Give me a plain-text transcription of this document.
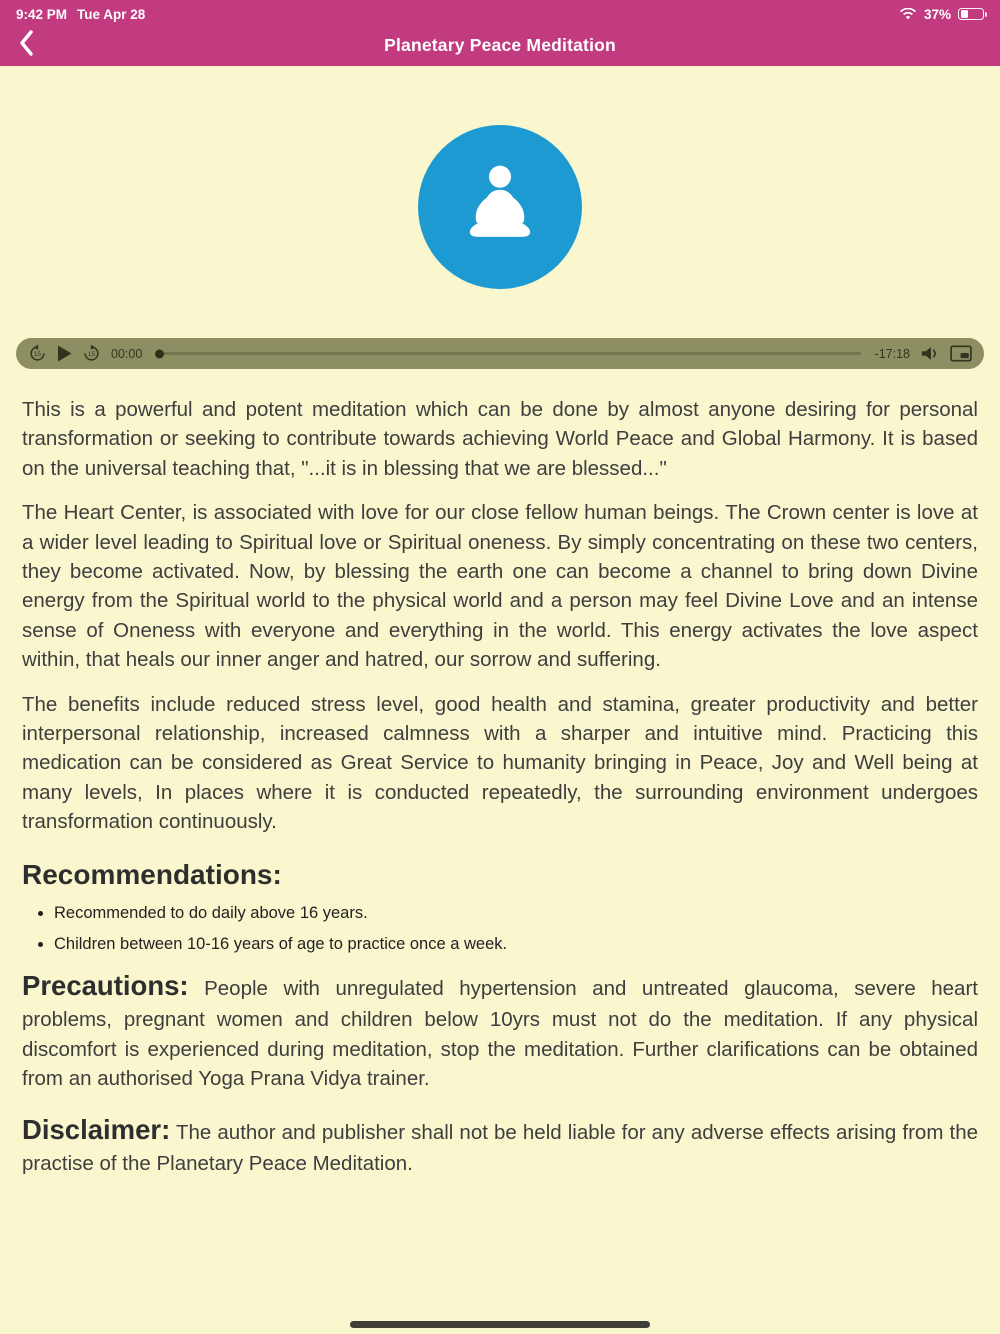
9:42 PM Tue Apr 28	37%
Planetary Peace Meditation
15	15 00:00	-17:18

This is a powerful and potent meditation which can be done by almost anyone desiring for personal transformation or seeking to contribute towards achieving World Peace and Global Harmony. It is based on the universal teaching that, "...it is in blessing that we are blessed..."

The Heart Center, is associated with love for our close fellow human beings. The Crown center is love at a wider level leading to Spiritual love or Spiritual oneness. By simply concentrating on these two centers, they become activated. Now, by blessing the earth one can become a channel to bring down Divine energy from the Spiritual world to the physical world and a person may feel Divine Love and an intense sense of Oneness with everyone and everything in the world. This energy activates the love aspect within, that heals our inner anger and hatred, our sorrow and suffering.

The benefits include reduced stress level, good health and stamina, greater productivity and better interpersonal relationship, increased calmness with a sharper and intuitive mind. Practicing this medication can be considered as Great Service to humanity bringing in Peace, Joy and Well being at many levels, In places where it is conducted repeatedly, the surrounding environment undergoes transformation continuously.

Recommendations:
• Recommended to do daily above 16 years.
• Children between 10-16 years of age to practice once a week.

Precautions: People with unregulated hypertension and untreated glaucoma, severe heart problems, pregnant women and children below 10yrs must not do the meditation. If any physical discomfort is experienced during meditation, stop the meditation. Further clarifications can be obtained from an authorised Yoga Prana Vidya trainer.

Disclaimer: The author and publisher shall not be held liable for any adverse effects arising from the practise of the Planetary Peace Meditation.
